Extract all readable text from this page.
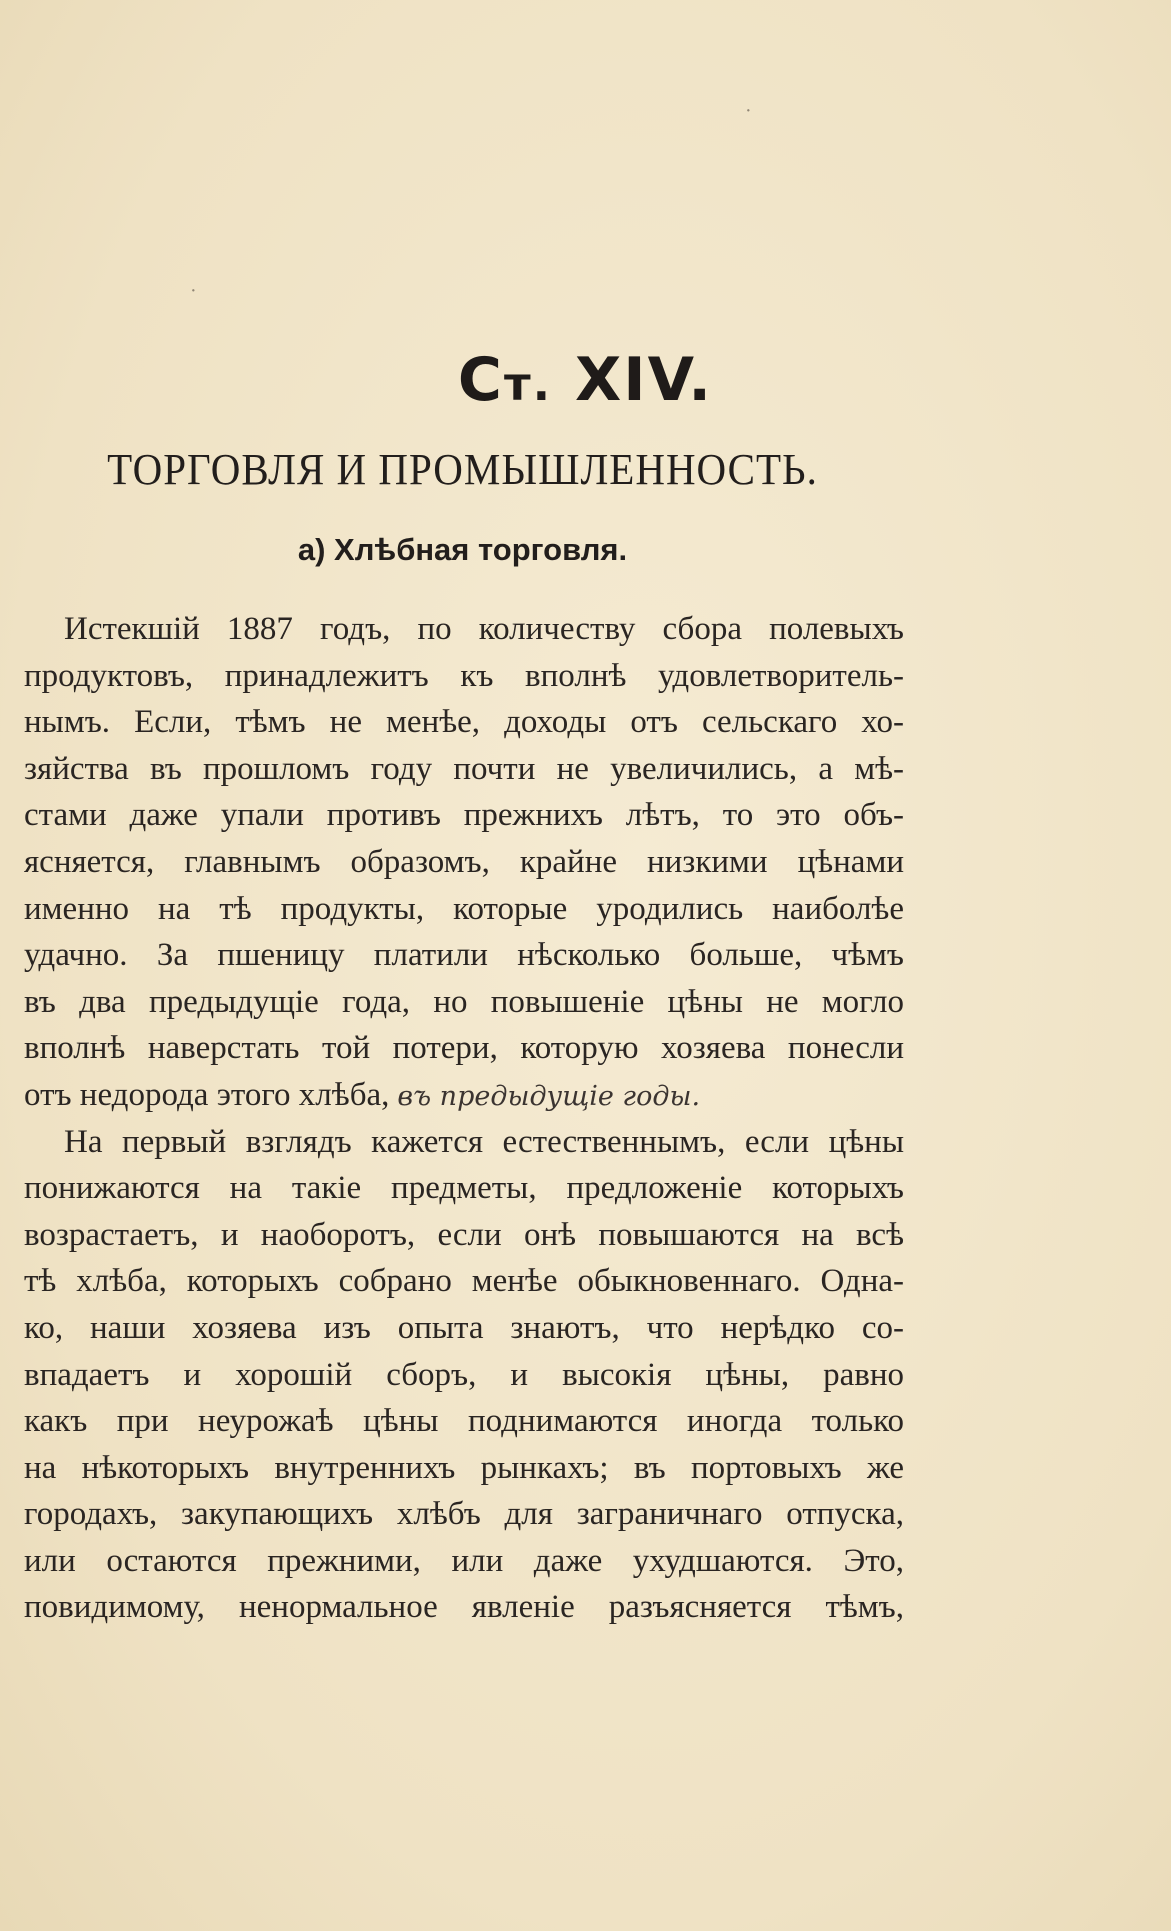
Ст. XIV.
ТОРГОВЛЯ И ПРОМЫШЛЕННОСТЬ.
а) Хлѣбная торговля.
Истекшій 1887 годъ, по количеству сбора полевыхъ
продуктовъ, принадлежитъ къ вполнѣ удовлетворитель-
нымъ. Если, тѣмъ не менѣе, доходы отъ сельскаго хо-
зяйства въ прошломъ году почти не увеличились, а мѣ-
стами даже упали противъ прежнихъ лѣтъ, то это объ-
ясняется, главнымъ образомъ, крайне низкими цѣнами
именно на тѣ продукты, которые уродились наиболѣе
удачно. За пшеницу платили нѣсколько больше, чѣмъ
въ два предыдущіе года, но повышеніе цѣны не могло
вполнѣ наверстать той потери, которую хозяева понесли
отъ недорода этого хлѣба, въ предыдущіе годы.
На первый взглядъ кажется естественнымъ, если цѣны
понижаются на такіе предметы, предложеніе которыхъ
возрастаетъ, и наоборотъ, если онѣ повышаются на всѣ
тѣ хлѣба, которыхъ собрано менѣе обыкновеннаго. Одна-
ко, наши хозяева изъ опыта знаютъ, что нерѣдко со-
впадаетъ и хорошій сборъ, и высокія цѣны, равно
какъ при неурожаѣ цѣны поднимаются иногда только
на нѣкоторыхъ внутреннихъ рынкахъ; въ портовыхъ же
городахъ, закупающихъ хлѣбъ для заграничнаго отпуска,
или остаются прежними, или даже ухудшаются. Это,
повидимому, ненормальное явленіе разъясняется тѣмъ,
·
·
